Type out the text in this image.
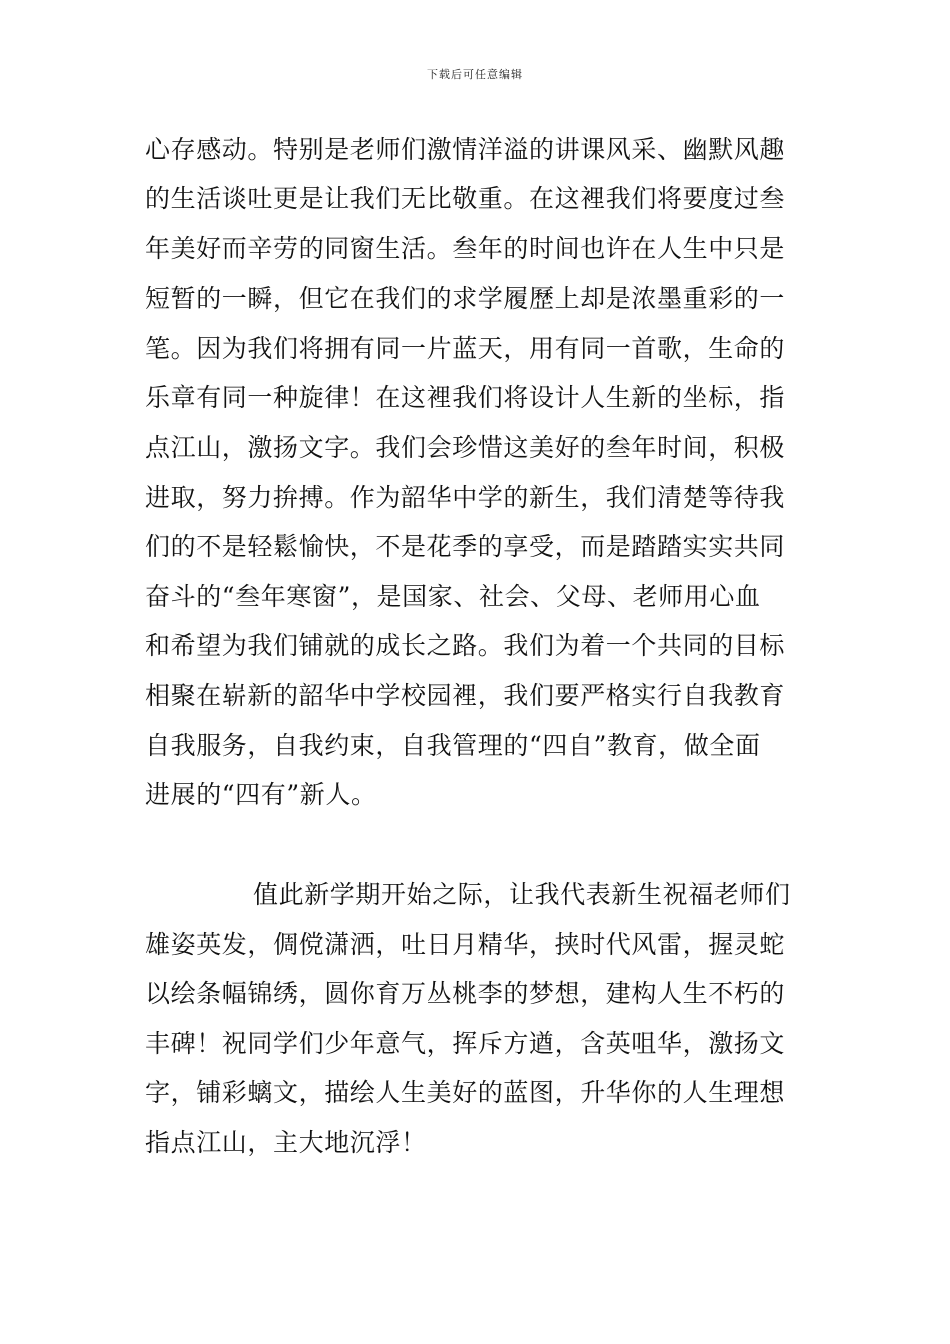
下载后可任意编辑
心存感动。特别是老师们激情洋溢的讲课风采、幽默风趣
的生活谈吐更是让我们无比敬重。在这裡我们将要度过叁
年美好而辛劳的同窗生活。叁年的时间也许在人生中只是
短暂的一瞬，但它在我们的求学履歷上却是浓墨重彩的一
笔。因为我们将拥有同一片蓝天，用有同一首歌，生命的
乐章有同一种旋律！在这裡我们将设计人生新的坐标，指
点江山，激扬文字。我们会珍惜这美好的叁年时间，积极
进取，努力拚搏。作为韶华中学的新生，我们清楚等待我
们的不是轻鬆愉快，不是花季的享受，而是踏踏实实共同
奋斗的“叁年寒窗”，是国家、社会、父母、老师用心血
和希望为我们铺就的成长之路。我们为着一个共同的目标
相聚在崭新的韶华中学校园裡，我们要严格实行自我教育
自我服务，自我约束，自我管理的“四自”教育，做全面
进展的“四有”新人。
值此新学期开始之际，让我代表新生祝福老师们
雄姿英发，倜傥潇洒，吐日月精华，挟时代风雷，握灵蛇
以绘条幅锦绣，圆你育万丛桃李的梦想，建构人生不朽的
丰碑！祝同学们少年意气，挥斥方遒，含英咀华，激扬文
字，铺彩螭文，描绘人生美好的蓝图，升华你的人生理想
指点江山，主大地沉浮！
